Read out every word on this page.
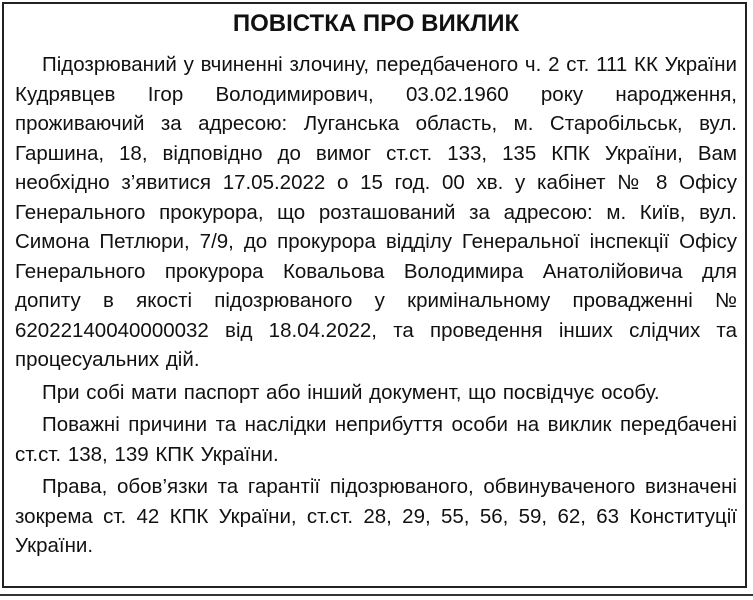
ПОВІСТКА ПРО ВИКЛИК

Підозрюваний у вчиненні злочину, передбаченого ч. 2 ст. 111 КК України Кудрявцев Ігор Володимирович, 03.02.1960 року народження, проживаючий за адресою: Луганська область, м. Старобільськ, вул. Гаршина, 18, відповідно до вимог ст.ст. 133, 135 КПК України, Вам необхідно з’явитися 17.05.2022 о 15 год. 00 хв. у кабінет № 8 Офісу Генерального прокурора, що розташований за адресою: м. Київ, вул. Симона Петлюри, 7/9, до прокурора відділу Генеральної інспекції Офісу Генерального прокурора Ковальова Володимира Анатолійовича для допиту в якості підозрюваного у кримінальному провадженні № 62022140040000032 від 18.04.2022, та проведення інших слідчих та процесуальних дій.

При собі мати паспорт або інший документ, що посвідчує особу.

Поважні причини та наслідки неприбуття особи на виклик передбачені ст.ст. 138, 139 КПК України.

Права, обов’язки та гарантії підозрюваного, обвинуваченого визначені зокрема ст. 42 КПК України, ст.ст. 28, 29, 55, 56, 59, 62, 63 Конституції України.
